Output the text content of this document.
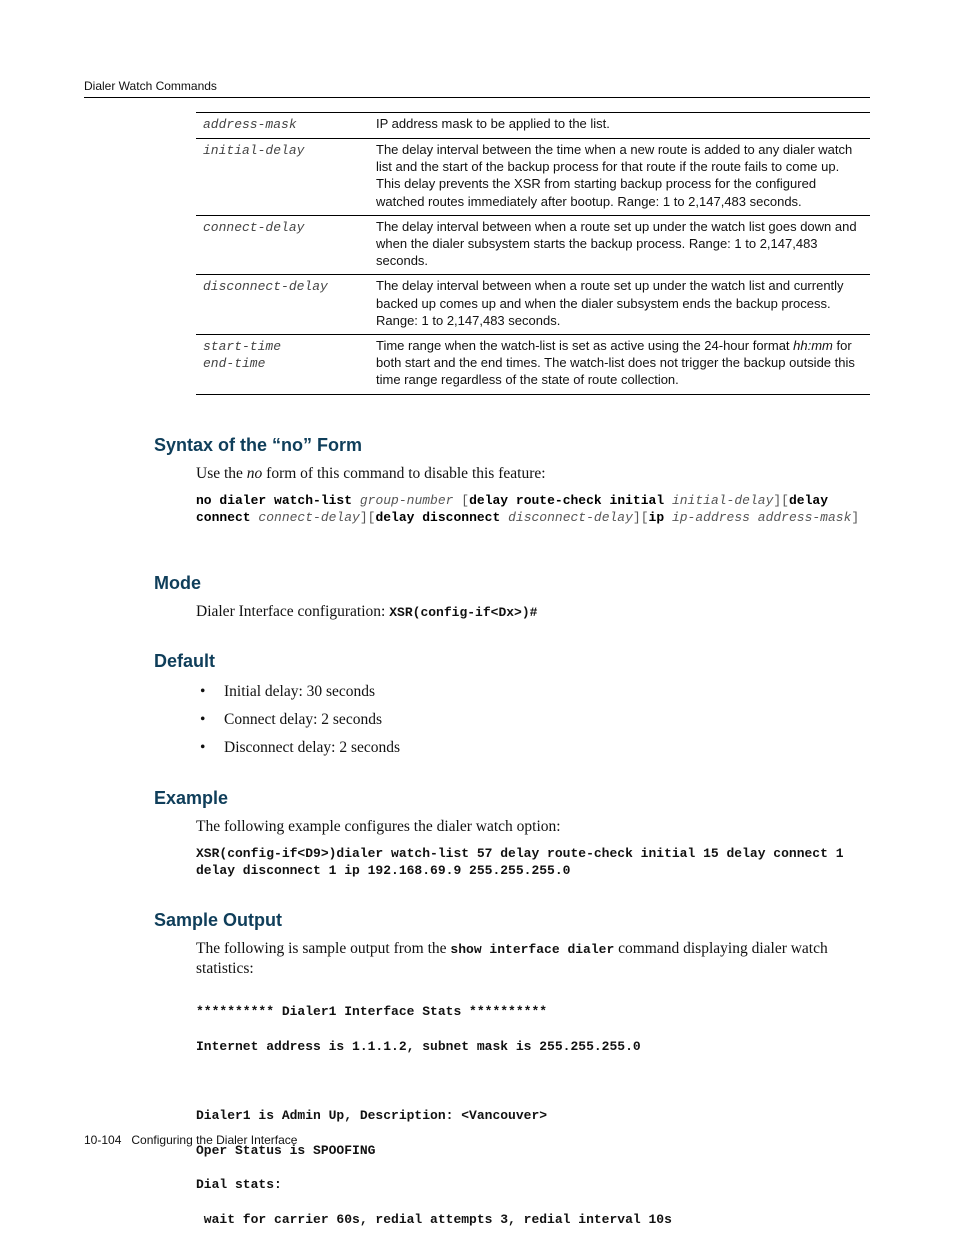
Dialer Watch Commands
address-mask	IP address mask to be applied to the list.

initial-delay	The delay interval between the time when a new route is added to any dialer watch list and the start of the backup process for that route if the route fails to come up. This delay prevents the XSR from starting backup process for the configured watched routes immediately after bootup. Range: 1 to 2,147,483 seconds.

connect-delay	The delay interval between when a route set up under the watch list goes down and when the dialer subsystem starts the backup process. Range: 1 to 2,147,483 seconds.

disconnect-delay	The delay interval between when a route set up under the watch list and currently backed up comes up and when the dialer subsystem ends the backup process. Range: 1 to 2,147,483 seconds.

start-time
end-time	Time range when the watch-list is set as active using the 24-hour format hh:mm for both start and the end times. The watch-list does not trigger the backup outside this time range regardless of the state of route collection.
Syntax of the “no” Form

Use the no form of this command to disable this feature:

no dialer watch-list group-number [delay route-check initial initial-delay][delay connect connect-delay][delay disconnect disconnect-delay][ip ip-address address-mask]

Mode

Dialer Interface configuration: XSR(config-if<Dx>)#

Default
• Initial delay: 30 seconds
• Connect delay: 2 seconds
• Disconnect delay: 2 seconds
Example

The following example configures the dialer watch option:

XSR(config-if<D9>)dialer watch-list 57 delay route-check initial 15 delay connect 1 delay disconnect 1 ip 192.168.69.9 255.255.255.0

Sample Output

The following is sample output from the show interface dialer command displaying dialer watch statistics:

********** Dialer1 Interface Stats **********

Internet address is 1.1.1.2, subnet mask is 255.255.255.0

Dialer1 is Admin Up, Description: <Vancouver>

Oper Status is SPOOFING

Dial stats:

wait for carrier 60s, redial attempts 3, redial interval 10s

10-104 Configuring the Dialer Interface
